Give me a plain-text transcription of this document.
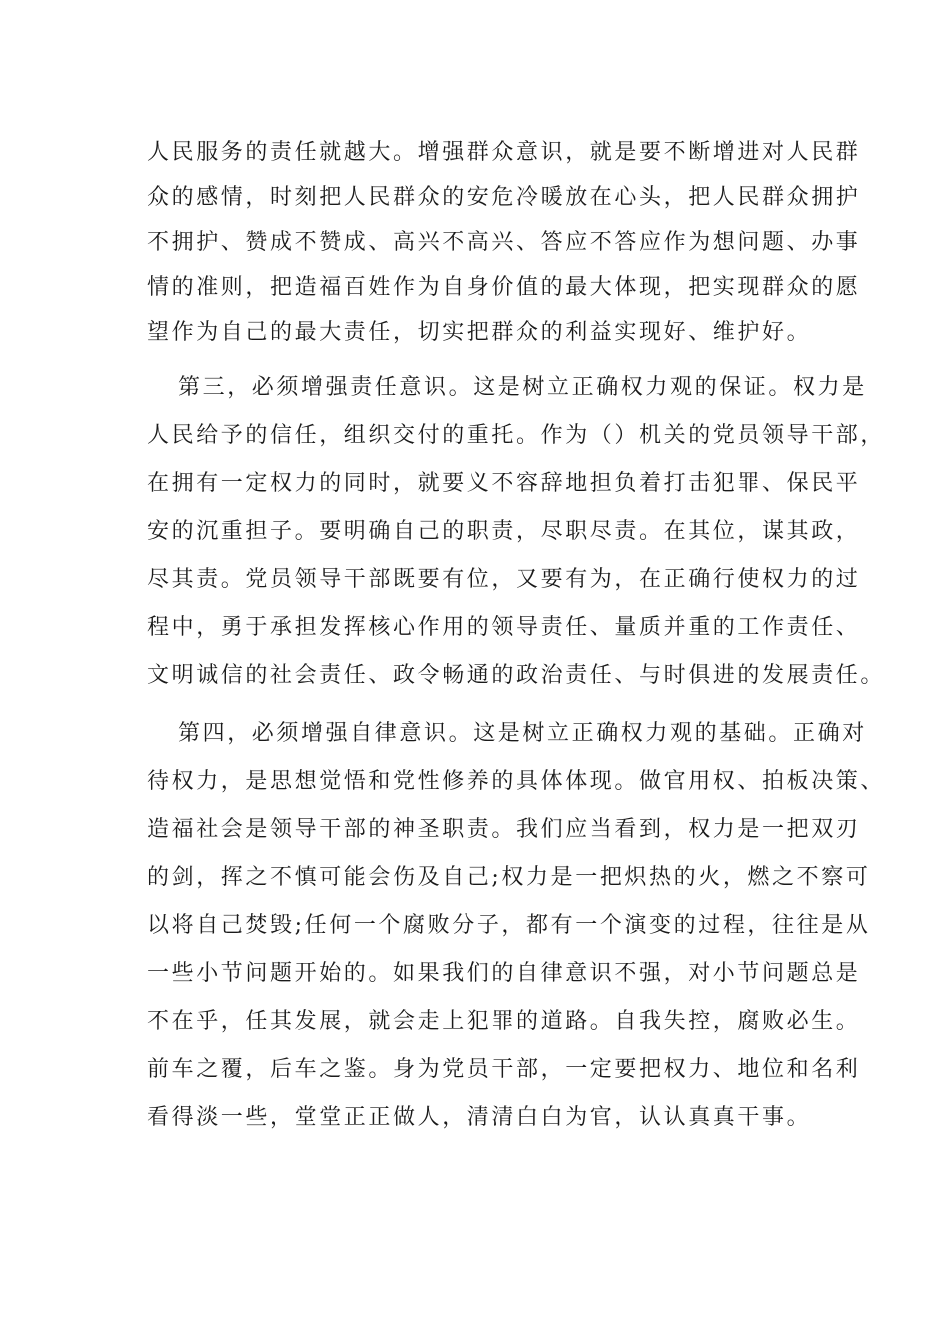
人民服务的责任就越大。增强群众意识，就是要不断增进对人民群
众的感情，时刻把人民群众的安危冷暖放在心头，把人民群众拥护
不拥护、赞成不赞成、高兴不高兴、答应不答应作为想问题、办事
情的准则，把造福百姓作为自身价值的最大体现，把实现群众的愿
望作为自己的最大责任，切实把群众的利益实现好、维护好。
第三，必须增强责任意识。这是树立正确权力观的保证。权力是
人民给予的信任，组织交付的重托。作为（）机关的党员领导干部，
在拥有一定权力的同时，就要义不容辞地担负着打击犯罪、保民平
安的沉重担子。要明确自己的职责，尽职尽责。在其位，谋其政，
尽其责。党员领导干部既要有位，又要有为，在正确行使权力的过
程中，勇于承担发挥核心作用的领导责任、量质并重的工作责任、
文明诚信的社会责任、政令畅通的政治责任、与时俱进的发展责任。
第四，必须增强自律意识。这是树立正确权力观的基础。正确对
待权力，是思想觉悟和党性修养的具体体现。做官用权、拍板决策、
造福社会是领导干部的神圣职责。我们应当看到，权力是一把双刃
的剑，挥之不慎可能会伤及自己;权力是一把炽热的火，燃之不察可
以将自己焚毁;任何一个腐败分子，都有一个演变的过程，往往是从
一些小节问题开始的。如果我们的自律意识不强，对小节问题总是
不在乎，任其发展，就会走上犯罪的道路。自我失控，腐败必生。
前车之覆，后车之鉴。身为党员干部，一定要把权力、地位和名利
看得淡一些，堂堂正正做人，清清白白为官，认认真真干事。
